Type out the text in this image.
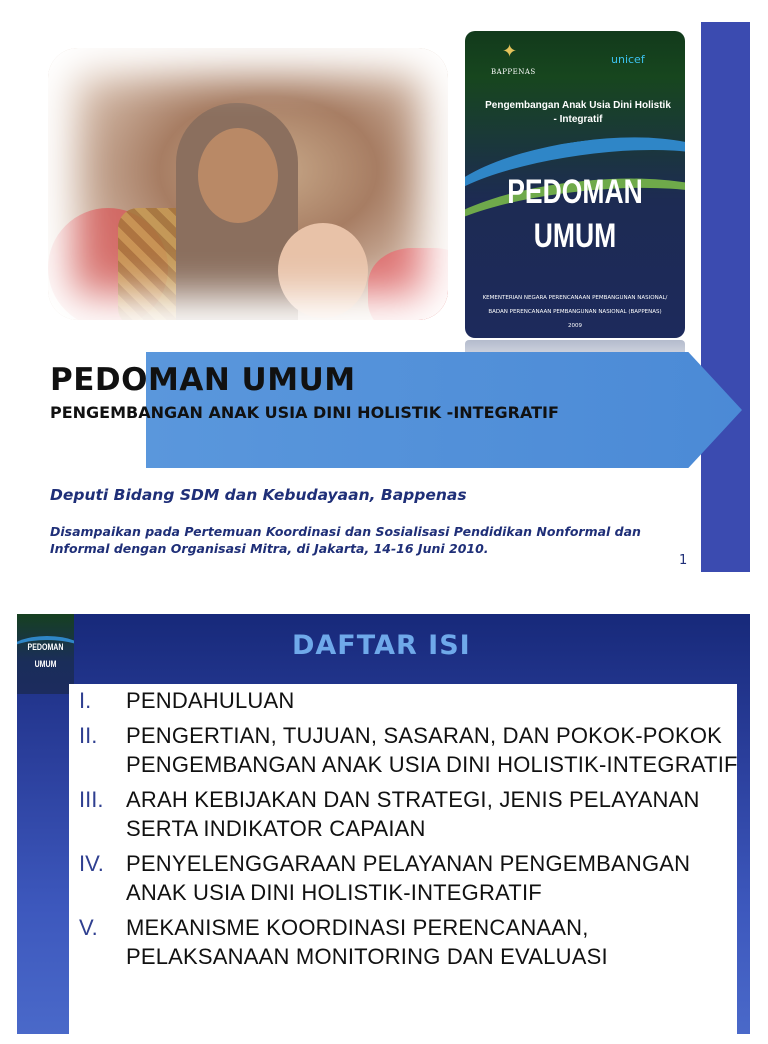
✦
BAPPENAS
unicef
Pengembangan Anak Usia Dini Holistik - Integratif
PEDOMAN
UMUM
KEMENTERIAN NEGARA PERENCANAAN PEMBANGUNAN NASIONAL/
BADAN PERENCANAAN PEMBANGUNAN NASIONAL (BAPPENAS)
2009
PEDOMAN UMUM
PENGEMBANGAN ANAK USIA DINI HOLISTIK -INTEGRATIF
Deputi Bidang SDM dan Kebudayaan, Bappenas
Disampaikan pada Pertemuan Koordinasi dan Sosialisasi Pendidikan Nonformal dan Informal dengan Organisasi Mitra, di Jakarta, 14-16 Juni 2010.
1
PEDOMAN
UMUM
DAFTAR ISI
I.	PENDAHULUAN
II.	PENGERTIAN, TUJUAN, SASARAN, DAN POKOK-POKOK PENGEMBANGAN ANAK USIA DINI HOLISTIK-INTEGRATIF
III.	ARAH KEBIJAKAN DAN STRATEGI, JENIS PELAYANAN SERTA INDIKATOR CAPAIAN
IV.	PENYELENGGARAAN PELAYANAN PENGEMBANGAN ANAK USIA DINI HOLISTIK-INTEGRATIF
V.	MEKANISME KOORDINASI PERENCANAAN, PELAKSANAAN MONITORING DAN EVALUASI
